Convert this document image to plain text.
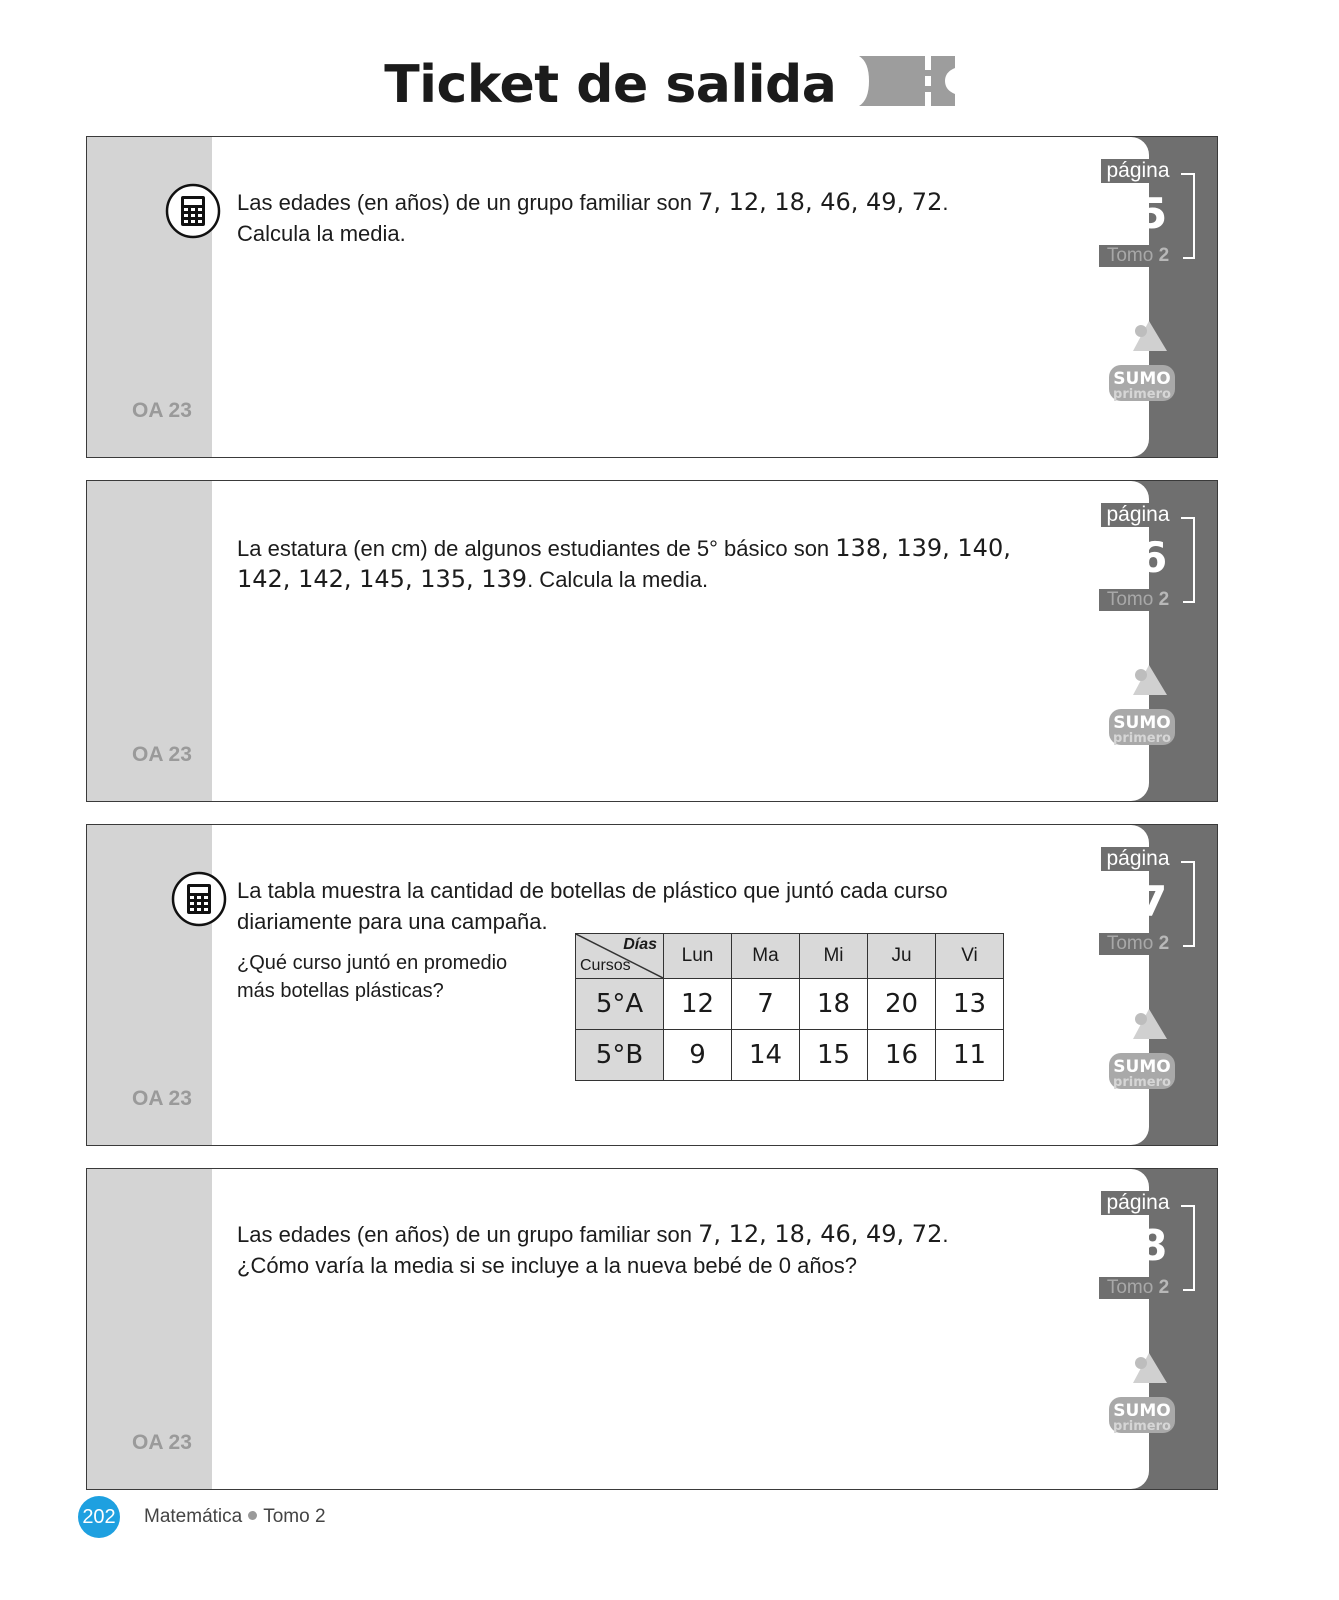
Ticket de salida
Las edades (en años) de un grupo familiar son 7, 12, 18, 46, 49, 72.
Calcula la media.
OA 23
página
45
Tomo 2
SUMO
primero
La estatura (en cm) de algunos estudiantes de 5° básico son 138, 139, 140,
142, 142, 145, 135, 139. Calcula la media.
OA 23
página
46
Tomo 2
SUMO
primero
La tabla muestra la cantidad de botellas de plástico que juntó cada curso
diariamente para una campaña.
¿Qué curso juntó en promedio
más botellas plásticas?
Días
Cursos	Lun	Ma	Mi	Ju	Vi
5°A	12	7	18	20	13
5°B	9	14	15	16	11
OA 23
página
47
Tomo 2
SUMO
primero
Las edades (en años) de un grupo familiar son 7, 12, 18, 46, 49, 72.
¿Cómo varía la media si se incluye a la nueva bebé de 0 años?
OA 23
página
48
Tomo 2
SUMO
primero
202 Matemática Tomo 2
